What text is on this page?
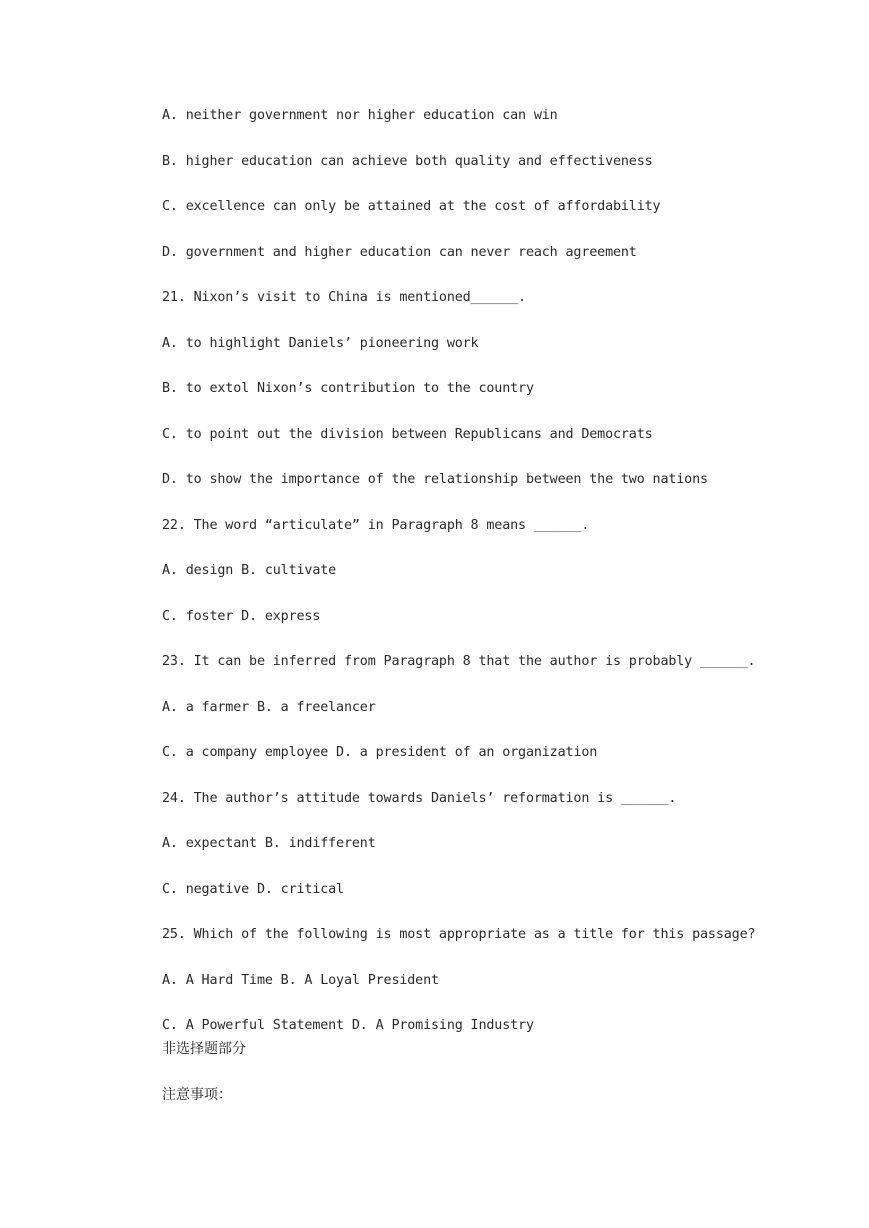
A. neither government nor higher education can win
B. higher education can achieve both quality and effectiveness
C. excellence can only be attained at the cost of affordability
D. government and higher education can never reach agreement
21. Nixon’s visit to China is mentioned______.
A. to highlight Daniels’ pioneering work
B. to extol Nixon’s contribution to the country
C. to point out the division between Republicans and Democrats
D. to show the importance of the relationship between the two nations
22. The word “articulate” in Paragraph 8 means ______.
A. design B. cultivate
C. foster D. express
23. It can be inferred from Paragraph 8 that the author is probably ______.
A. a farmer B. a freelancer
C. a company employee D. a president of an organization
24. The author’s attitude towards Daniels’ reformation is ______.
A. expectant B. indifferent
C. negative D. critical
25. Which of the following is most appropriate as a title for this passage?
A. A Hard Time B. A Loyal President
C. A Powerful Statement D. A Promising Industry
非选择题部分
注意事项：
